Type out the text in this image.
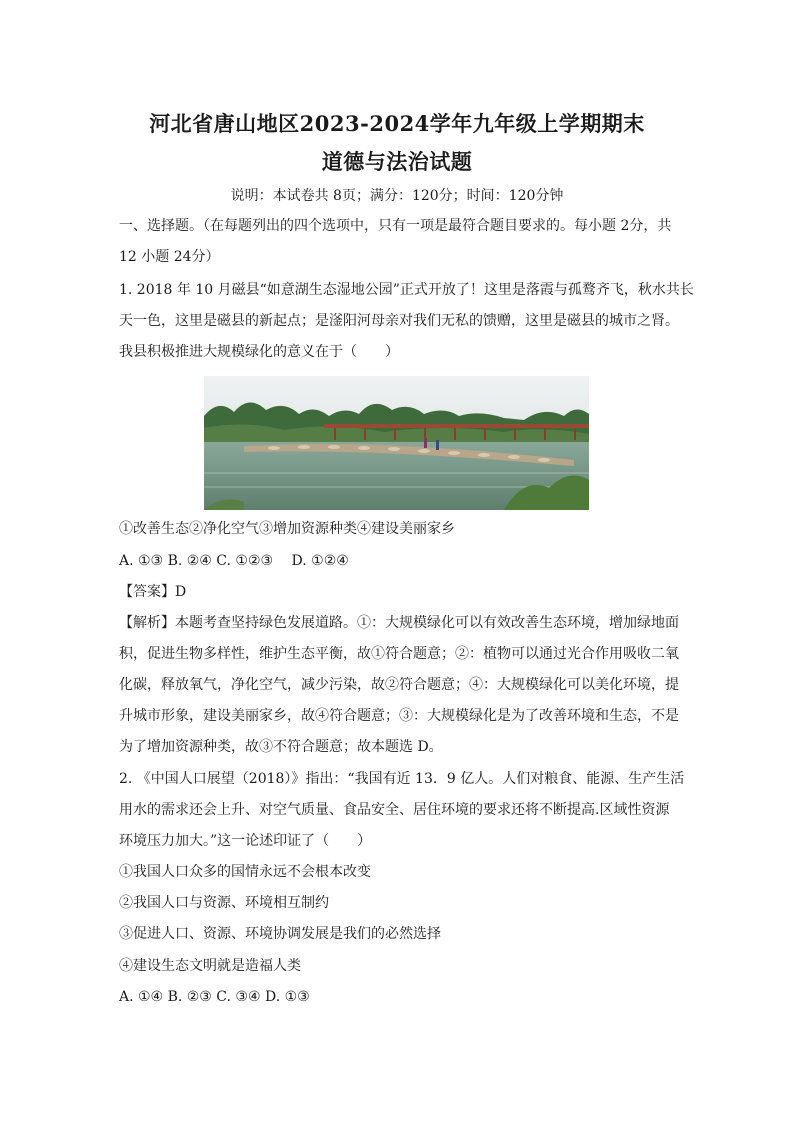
河北省唐山地区2023-2024学年九年级上学期期末
道德与法治试题
说明：本试卷共 8页；满分：120分；时间：120分钟
一、选择题。（在每题列出的四个选项中，只有一项是最符合题目要求的。每小题 2分，共
12 小题 24分）
1. 2018 年 10 月磁县“如意湖生态湿地公园”正式开放了！这里是落霞与孤鹜齐飞，秋水共长
天一色，这里是磁县的新起点；是滏阳河母亲对我们无私的馈赠，这里是磁县的城市之肾。
我县积极推进大规模绿化的意义在于（　　）
①改善生态②净化空气③增加资源种类④建设美丽家乡
A. ①③ B. ②④ C. ①②③　 D. ①②④
【答案】D
【解析】本题考查坚持绿色发展道路。①：大规模绿化可以有效改善生态环境，增加绿地面
积，促进生物多样性，维护生态平衡，故①符合题意；②：植物可以通过光合作用吸收二氧
化碳，释放氧气，净化空气，减少污染，故②符合题意；④：大规模绿化可以美化环境，提
升城市形象，建设美丽家乡，故④符合题意；③：大规模绿化是为了改善环境和生态，不是
为了增加资源种类，故③不符合题意；故本题选 D。
2. 《中国人口展望（2018）》指出：“我国有近 13．9 亿人。人们对粮食、能源、生产生活
用水的需求还会上升、对空气质量、食品安全、居住环境的要求还将不断提高.区域性资源
环境压力加大。”这一论述印证了（　　）
①我国人口众多的国情永远不会根本改变
②我国人口与资源、环境相互制约
③促进人口、资源、环境协调发展是我们的必然选择
④建设生态文明就是造福人类
A. ①④ B. ②③ C. ③④ D. ①③
